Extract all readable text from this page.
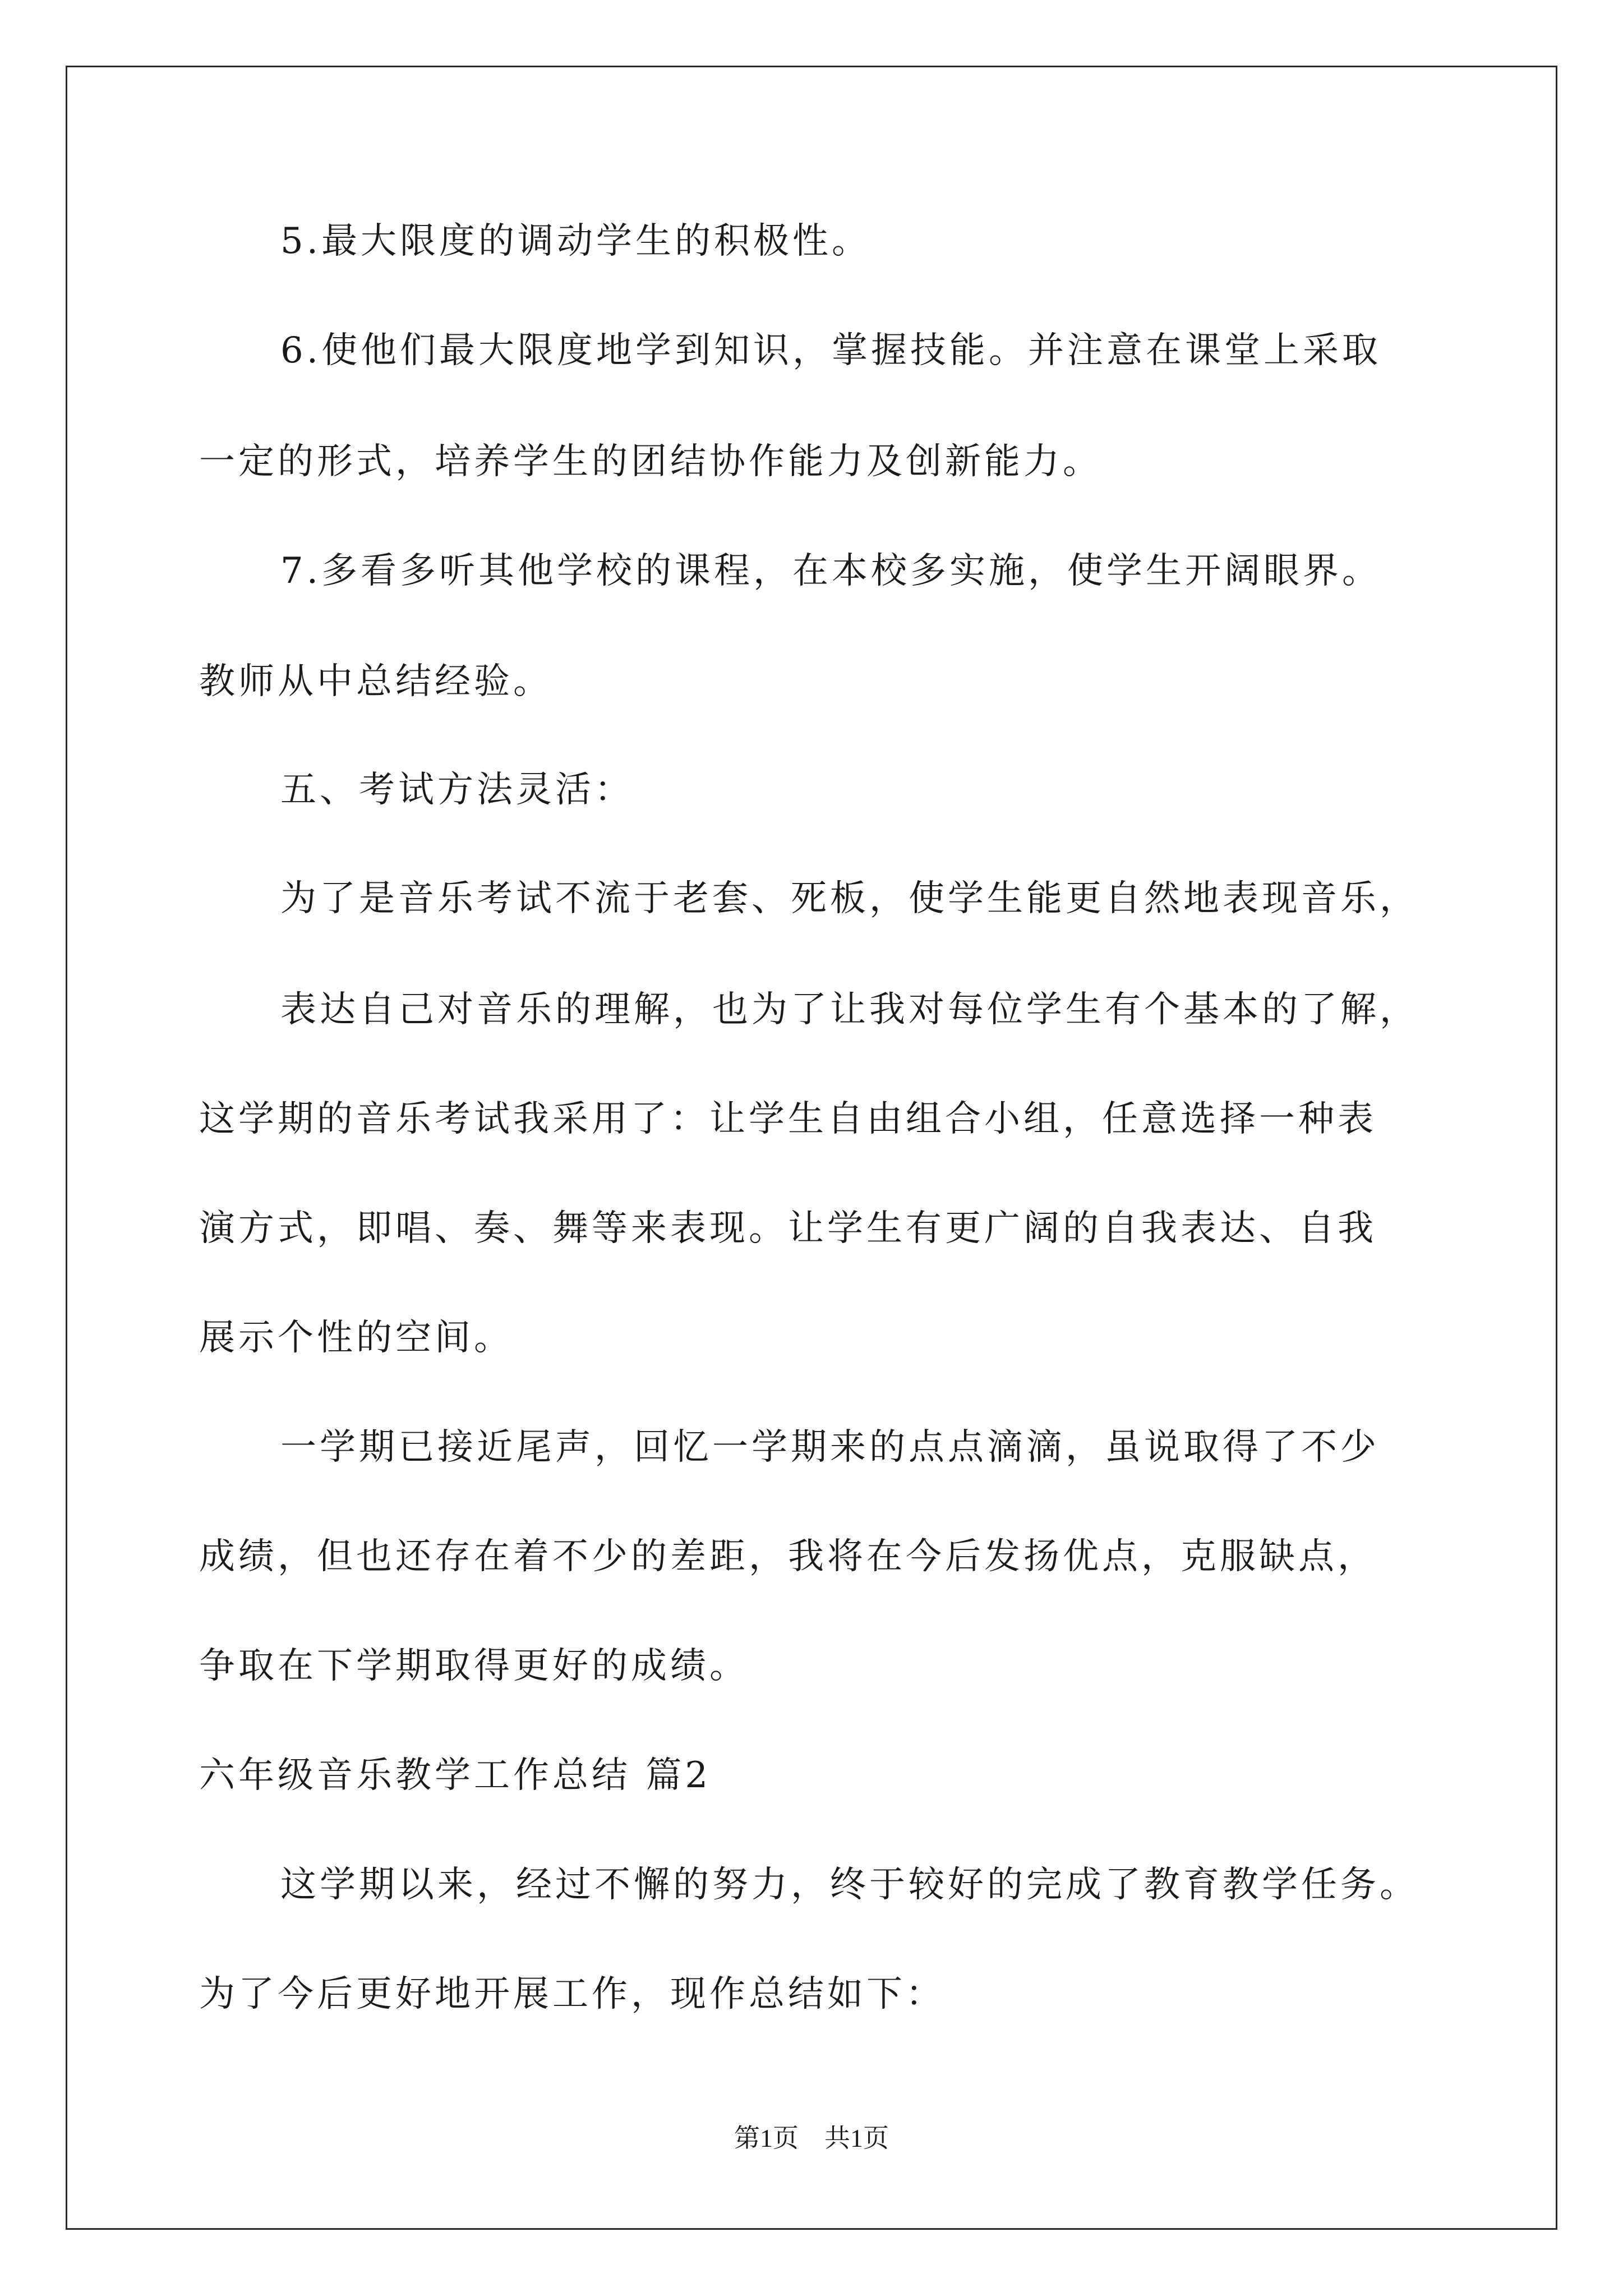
5.最大限度的调动学生的积极性。
6.使他们最大限度地学到知识，掌握技能。并注意在课堂上采取
一定的形式，培养学生的团结协作能力及创新能力。
7.多看多听其他学校的课程，在本校多实施，使学生开阔眼界。
教师从中总结经验。
五、考试方法灵活：
为了是音乐考试不流于老套、死板，使学生能更自然地表现音乐，
表达自己对音乐的理解，也为了让我对每位学生有个基本的了解，
这学期的音乐考试我采用了：让学生自由组合小组，任意选择一种表
演方式，即唱、奏、舞等来表现。让学生有更广阔的自我表达、自我
展示个性的空间。
一学期已接近尾声，回忆一学期来的点点滴滴，虽说取得了不少
成绩，但也还存在着不少的差距，我将在今后发扬优点，克服缺点，
争取在下学期取得更好的成绩。
六年级音乐教学工作总结 篇2
这学期以来，经过不懈的努力，终于较好的完成了教育教学任务。
为了今后更好地开展工作，现作总结如下：
第1页　共1页
